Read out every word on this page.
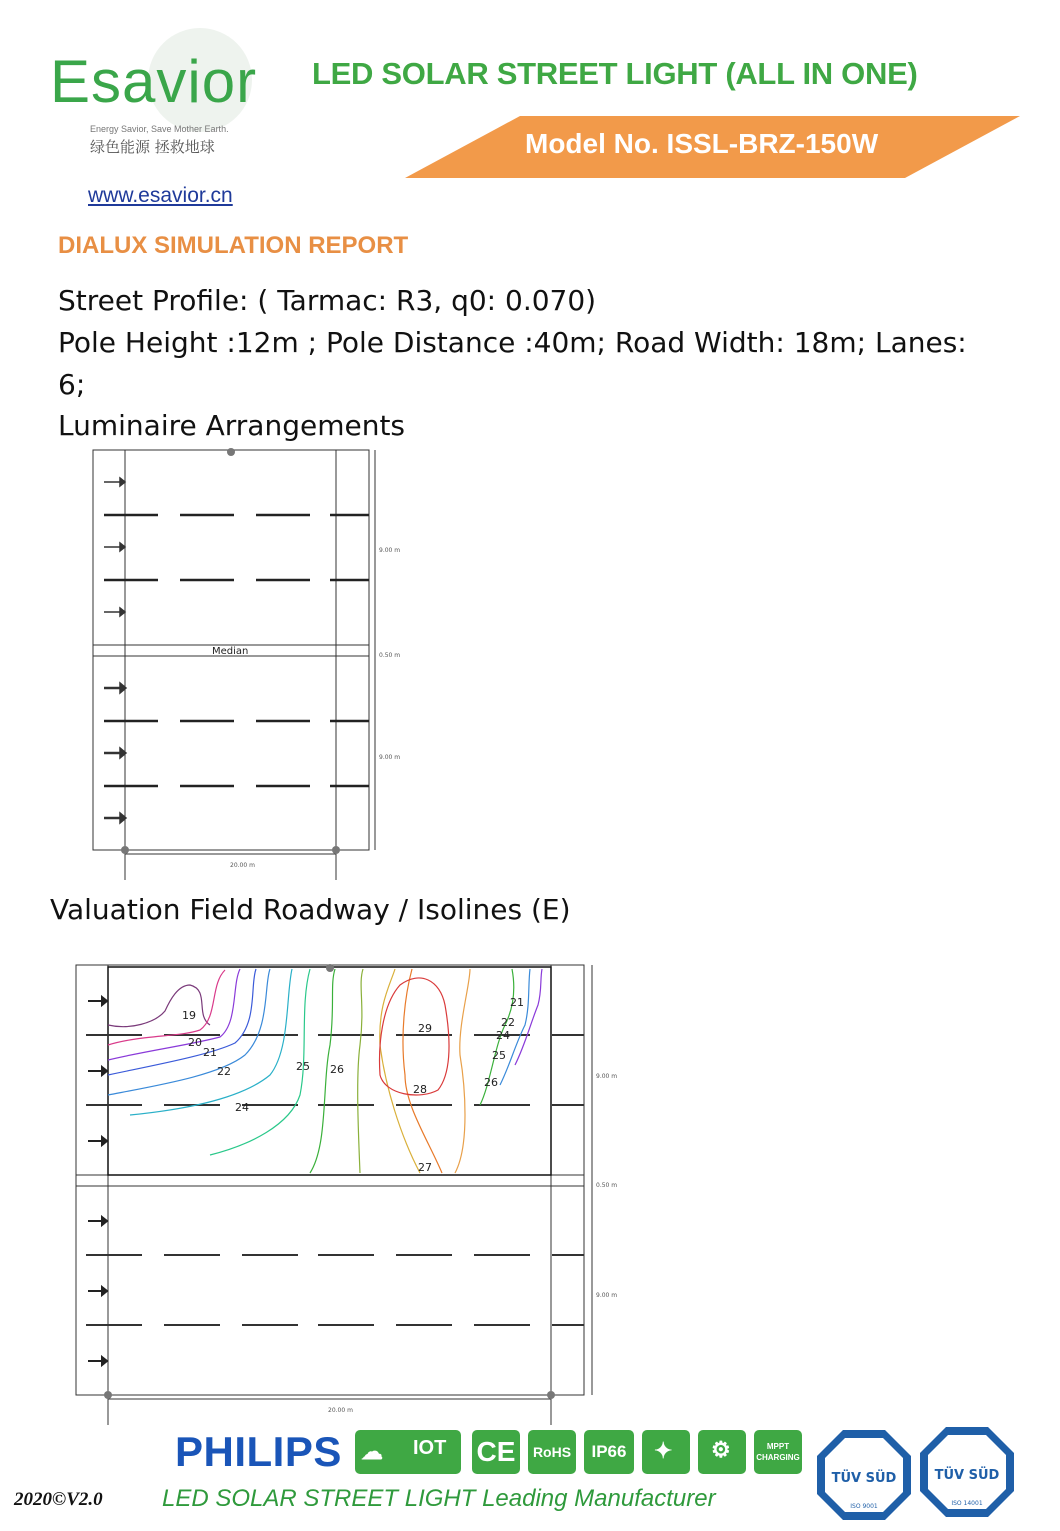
Esavior
Energy Savior, Save Mother Earth.
绿色能源 拯救地球
www.esavior.cn
LED SOLAR STREET LIGHT (ALL IN ONE)
Model No. ISSL-BRZ-150W
DIALUX SIMULATION REPORT
Street Profile: ( Tarmac: R3, q0: 0.070)
Pole Height :12m ; Pole Distance :40m; Road Width: 18m; Lanes:
6;
Luminaire Arrangements
Median
9.00 m
0.50 m
9.00 m
20.00 m
Valuation Field Roadway / Isolines (E)
19
20
21
22
24
25 26
29
28
27
21
22
24
25
26	9.00 m
0.50 m
9.00 m
20.00 m
PHILIPS ☁ IOT CE	RoHS	IP66	✦ ⚙	MPPT CHARGING
TÜV SÜD
ISO 9001
TÜV SÜD
ISO 14001
2020©V2.0 LED SOLAR STREET LIGHT Leading Manufacturer
